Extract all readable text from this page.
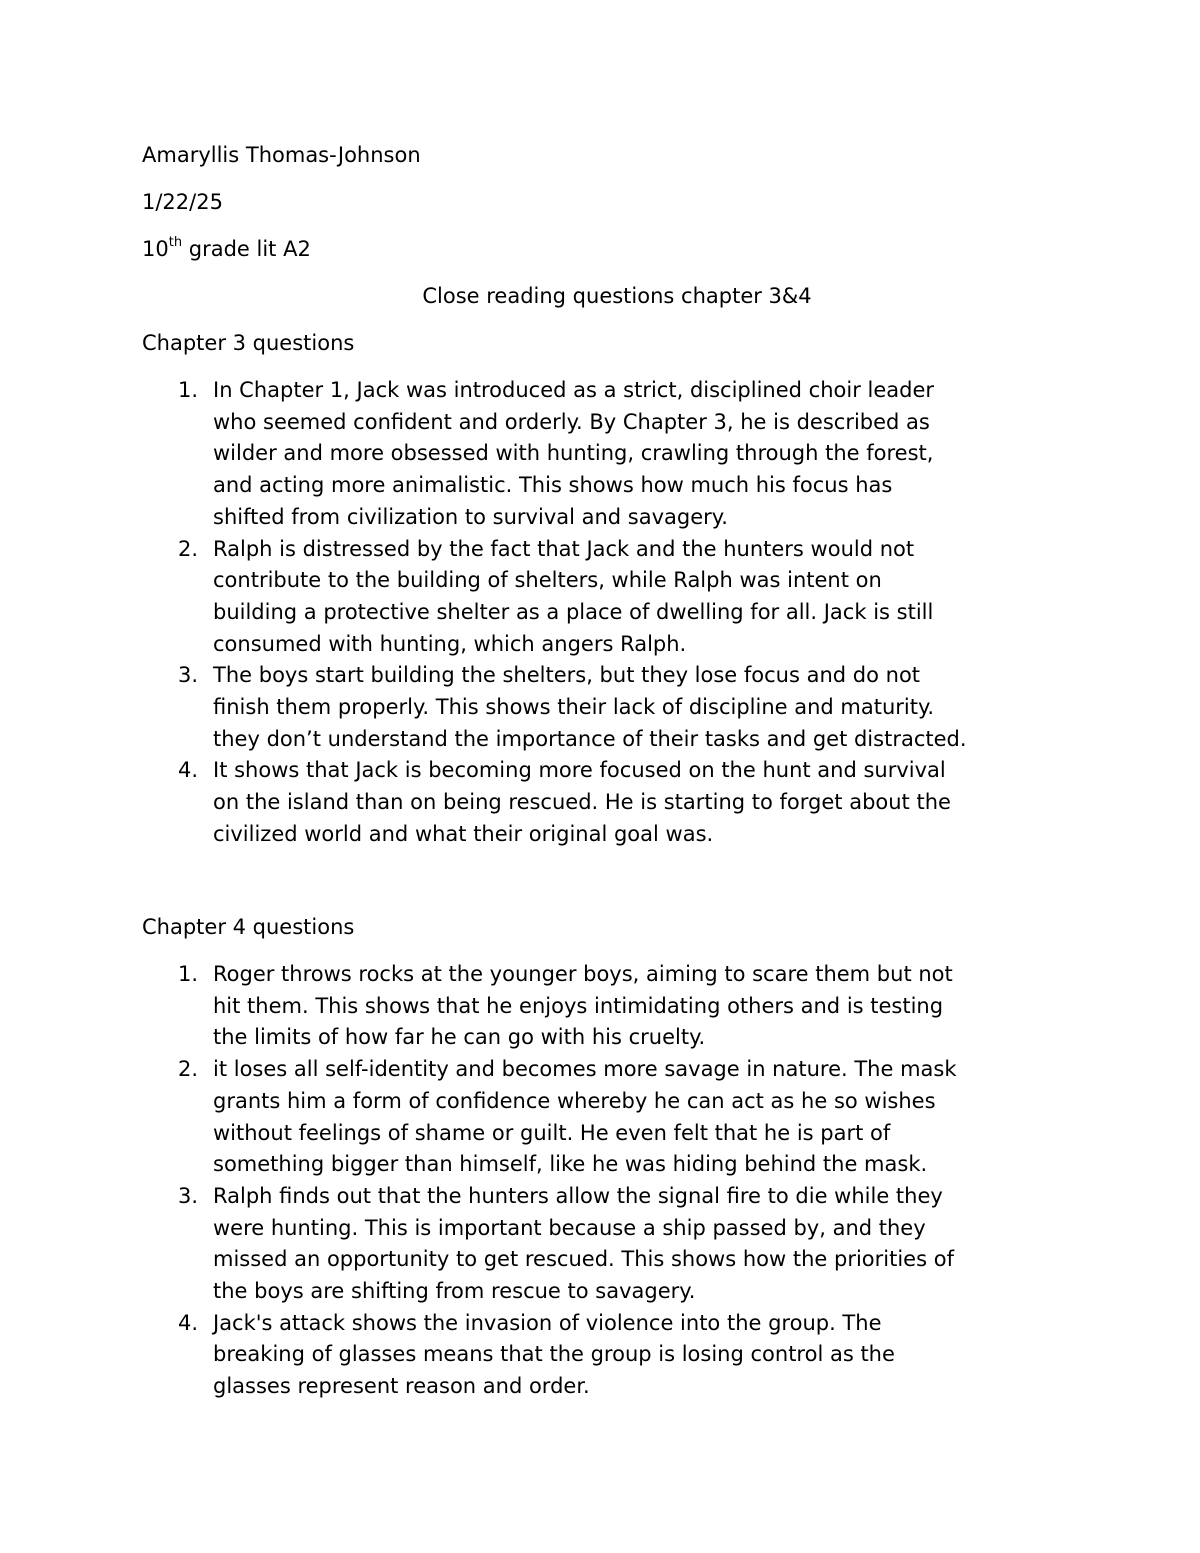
Amaryllis Thomas-Johnson

1/22/25

10th grade lit A2

Close reading questions chapter 3&4

Chapter 3 questions

1. In Chapter 1, Jack was introduced as a strict, disciplined choir leader
who seemed confident and orderly. By Chapter 3, he is described as
wilder and more obsessed with hunting, crawling through the forest,
and acting more animalistic. This shows how much his focus has
shifted from civilization to survival and savagery.
2. Ralph is distressed by the fact that Jack and the hunters would not
contribute to the building of shelters, while Ralph was intent on
building a protective shelter as a place of dwelling for all. Jack is still
consumed with hunting, which angers Ralph.
3. The boys start building the shelters, but they lose focus and do not
finish them properly. This shows their lack of discipline and maturity.
they don’t understand the importance of their tasks and get distracted.
4. It shows that Jack is becoming more focused on the hunt and survival
on the island than on being rescued. He is starting to forget about the
civilized world and what their original goal was.

Chapter 4 questions

1. Roger throws rocks at the younger boys, aiming to scare them but not
hit them. This shows that he enjoys intimidating others and is testing
the limits of how far he can go with his cruelty.
2. it loses all self-identity and becomes more savage in nature. The mask
grants him a form of confidence whereby he can act as he so wishes
without feelings of shame or guilt. He even felt that he is part of
something bigger than himself, like he was hiding behind the mask.
3. Ralph finds out that the hunters allow the signal fire to die while they
were hunting. This is important because a ship passed by, and they
missed an opportunity to get rescued. This shows how the priorities of
the boys are shifting from rescue to savagery.
4. Jack's attack shows the invasion of violence into the group. The
breaking of glasses means that the group is losing control as the
glasses represent reason and order.
